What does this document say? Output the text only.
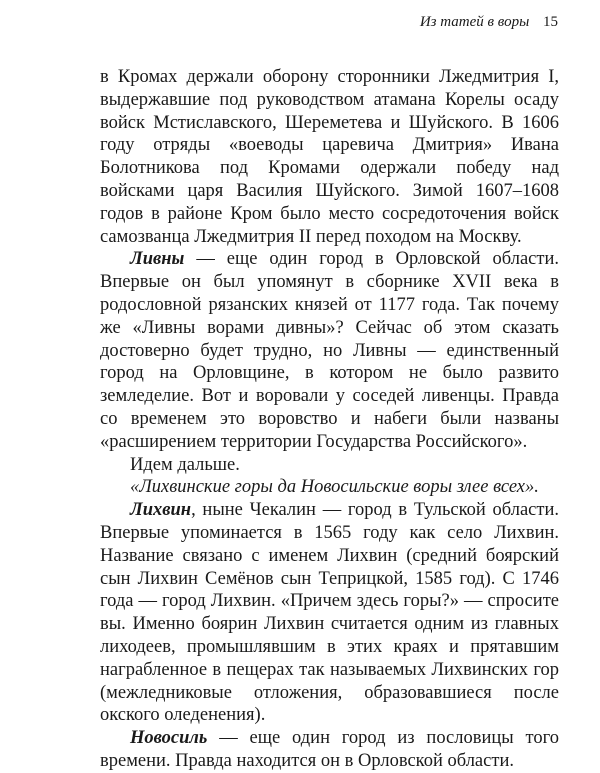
Из татей в воры 15

в Кромах держали оборону сторонники Лжедмитрия I, выдержавшие под руководством атамана Корелы осаду войск Мстиславского, Шереметева и Шуйского. В 1606 году отряды «воеводы царевича Дмитрия» Ивана Болотникова под Кромами одержали победу над войсками царя Василия Шуйского. Зимой 1607–1608 годов в районе Кром было место сосредоточения войск самозванца Лжедмитрия II перед походом на Москву.

Ливны — еще один город в Орловской области. Впервые он был упомянут в сборнике XVII века в родословной рязанских князей от 1177 года. Так почему же «Ливны ворами дивны»? Сейчас об этом сказать достоверно будет трудно, но Ливны — единственный город на Орловщине, в котором не было развито земледелие. Вот и воровали у соседей ливенцы. Правда со временем это воровство и набеги были названы «расширением территории Государства Российского».

Идем дальше.

«Лихвинские горы да Новосильские воры злее всех».

Лихвин, ныне Чекалин — город в Тульской области. Впервые упоминается в 1565 году как село Лихвин. Название связано с именем Лихвин (средний боярский сын Лихвин Семёнов сын Теприцкой, 1585 год). С 1746 года — город Лихвин. «Причем здесь горы?» — спросите вы. Именно боярин Лихвин считается одним из главных лиходеев, промышлявшим в этих краях и прятавшим награбленное в пещерах так называемых Лихвинских гор (межледниковые отложения, образовавшиеся после окского оледенения).

Новосиль — еще один город из пословицы того времени. Правда находится он в Орловской области.
